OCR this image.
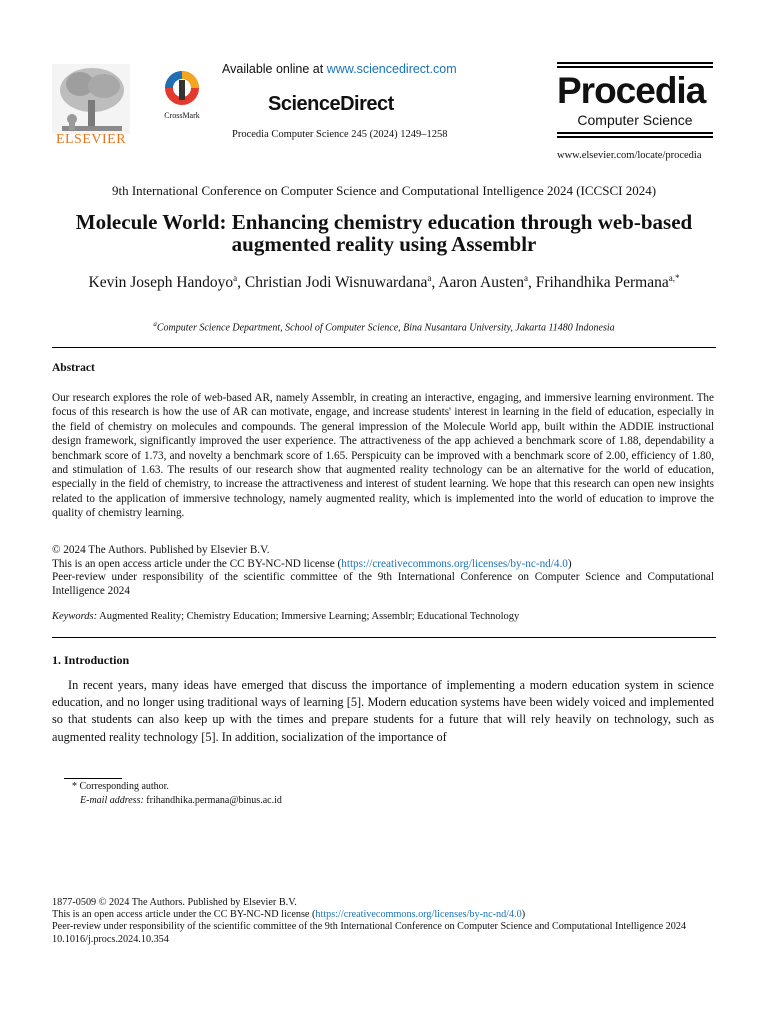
ELSEVIER
CrossMark
Available online at www.sciencedirect.com
ScienceDirect
Procedia Computer Science 245 (2024) 1249–1258
Procedia
Computer Science
www.elsevier.com/locate/procedia
9th International Conference on Computer Science and Computational Intelligence 2024 (ICCSCI 2024)
Molecule World: Enhancing chemistry education through web-based augmented reality using Assemblr
Kevin Joseph Handoyo$^a$, Christian Jodi Wisnuwardana$^a$, Aaron Austen$^a$, Frihandhika Permana$^{a,*}$
$^a$Computer Science Department, School of Computer Science, Bina Nusantara University, Jakarta 11480 Indonesia
Abstract
Our research explores the role of web-based AR, namely Assemblr, in creating an interactive, engaging, and immersive learning environment. The focus of this research is how the use of AR can motivate, engage, and increase students' interest in learning in the field of education, especially in the field of chemistry on molecules and compounds. The general impression of the Molecule World app, built within the ADDIE instructional design framework, significantly improved the user experience. The attractiveness of the app achieved a benchmark score of 1.88, dependability a benchmark score of 1.73, and novelty a benchmark score of 1.65. Perspicuity can be improved with a benchmark score of 2.00, efficiency of 1.80, and stimulation of 1.63. The results of our research show that augmented reality technology can be an alternative for the world of education, especially in the field of chemistry, to increase the attractiveness and interest of student learning. We hope that this research can open new insights related to the application of immersive technology, namely augmented reality, which is implemented into the world of education to improve the quality of chemistry learning.
© 2024 The Authors. Published by Elsevier B.V.
This is an open access article under the CC BY-NC-ND license (https://creativecommons.org/licenses/by-nc-nd/4.0)
Peer-review under responsibility of the scientific committee of the 9th International Conference on Computer Science and Computational Intelligence 2024
Keywords: Augmented Reality; Chemistry Education; Immersive Learning; Assemblr; Educational Technology
1. Introduction
In recent years, many ideas have emerged that discuss the importance of implementing a modern education system in science education, and no longer using traditional ways of learning [5]. Modern education systems have been widely voiced and implemented so that students can also keep up with the times and prepare students for a future that will rely heavily on technology, such as augmented reality technology [5]. In addition, socialization of the importance of
* Corresponding author.
E-mail address: frihandhika.permana@binus.ac.id
1877-0509 © 2024 The Authors. Published by Elsevier B.V.
This is an open access article under the CC BY-NC-ND license (https://creativecommons.org/licenses/by-nc-nd/4.0)
Peer-review under responsibility of the scientific committee of the 9th International Conference on Computer Science and Computational Intelligence 2024
10.1016/j.procs.2024.10.354
